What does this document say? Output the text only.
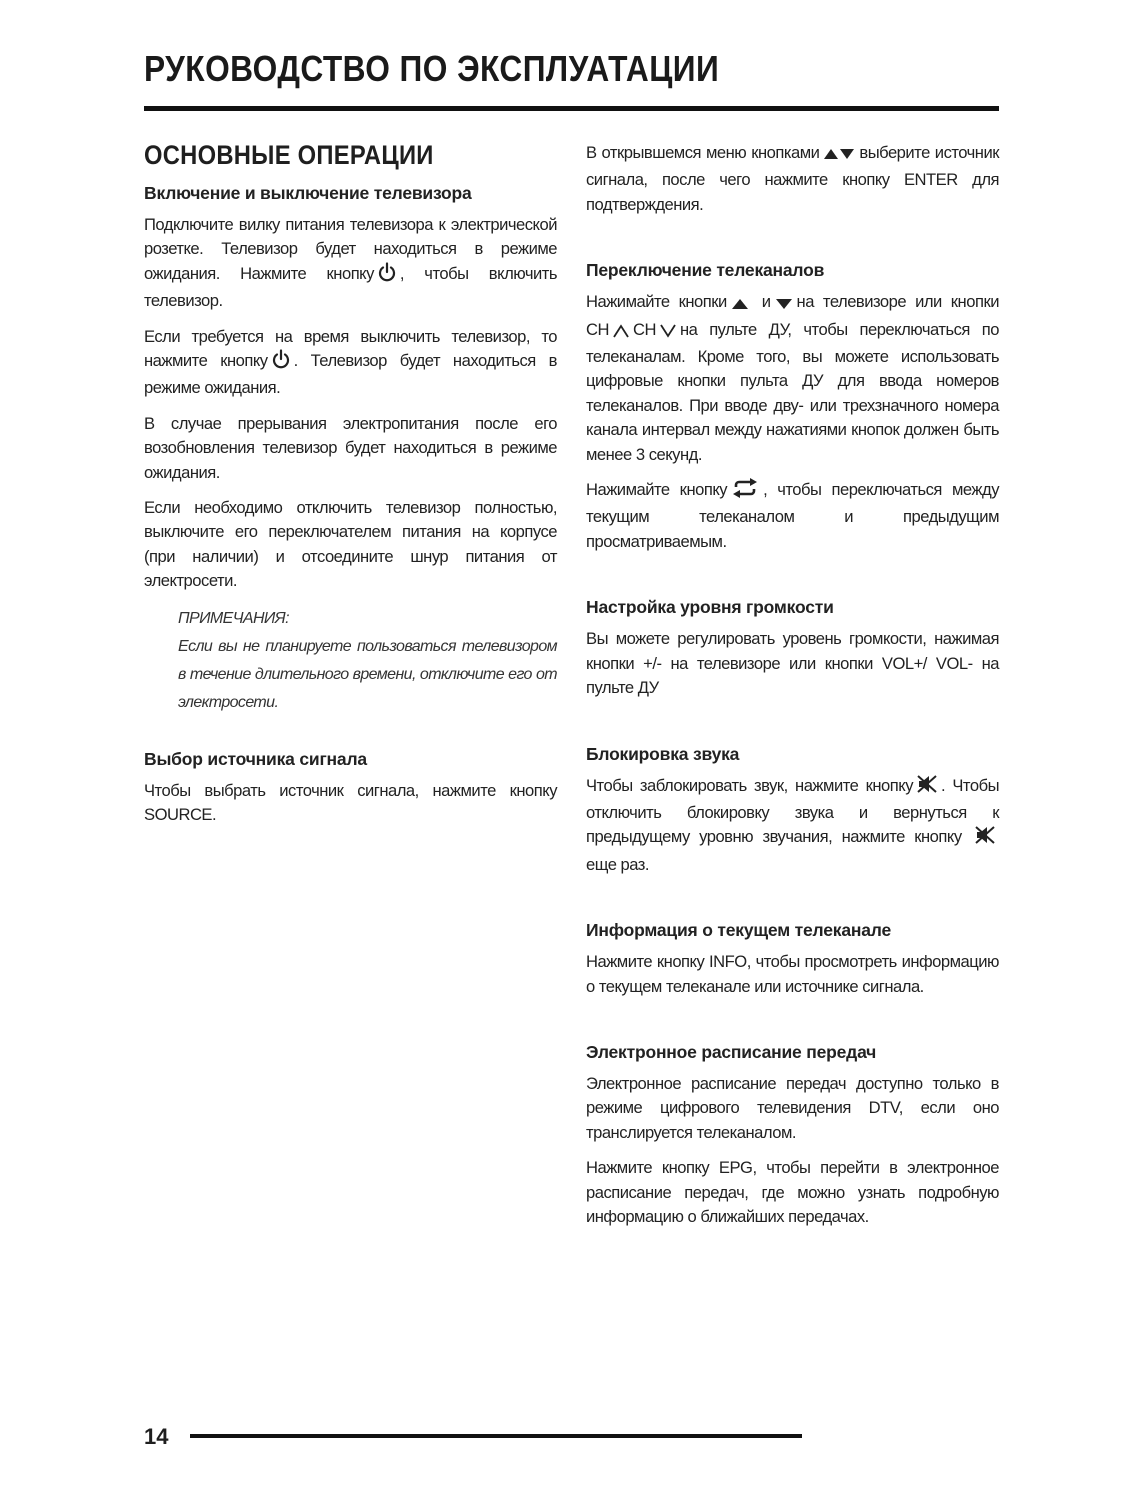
РУКОВОДСТВО ПО ЭКСПЛУАТАЦИИ
ОСНОВНЫЕ ОПЕРАЦИИ
Включение и выключение телевизора

Подключите вилку питания телевизора к электрической розетке. Телевизор будет находиться в режиме ожидания. Нажмите кнопку , чтобы включить телевизор.

Если требуется на время выключить телевизор, то нажмите кнопку . Телевизор будет находиться в режиме ожидания.

В случае прерывания электропитания после его возобновления телевизор будет находиться в режиме ожидания.

Если необходимо отключить телевизор полностью, выключите его переключателем питания на корпусе (при наличии) и отсоедините шнур питания от электросети.

ПРИМЕЧАНИЯ:
Если вы не планируете пользоваться телевизором в течение длительного времени, отключите его от электросети.
Выбор источника сигнала

Чтобы выбрать источник сигнала, нажмите кнопку SOURCE.

В открывшемся меню кнопками выберите источник сигнала, после чего нажмите кнопку ENTER для подтверждения.

Переключение телеканалов

Нажимайте кнопки и на телевизоре или кнопки CH CH на пульте ДУ, чтобы переключаться по телеканалам. Кроме того, вы можете использовать цифровые кнопки пульта ДУ для ввода номеров телеканалов. При вводе дву- или трехзначного номера канала интервал между нажатиями кнопок должен быть менее 3 секунд.

Нажимайте кнопку , чтобы переключаться между текущим телеканалом и предыдущим просматриваемым.

Настройка уровня громкости

Вы можете регулировать уровень громкости, нажимая кнопки +/- на телевизоре или кнопки VOL+/ VOL- на пульте ДУ

Блокировка звука

Чтобы заблокировать звук, нажмите кнопку . Чтобы отключить блокировку звука и вернуться к предыдущему уровню звучания, нажмите кнопку еще раз.

Информация о текущем телеканале

Нажмите кнопку INFO, чтобы просмотреть информацию о текущем телеканале или источнике сигнала.

Электронное расписание передач

Электронное расписание передач доступно только в режиме цифрового телевидения DTV, если оно транслируется телеканалом.

Нажмите кнопку EPG, чтобы перейти в электронное расписание передач, где можно узнать подробную информацию о ближайших передачах.

14
